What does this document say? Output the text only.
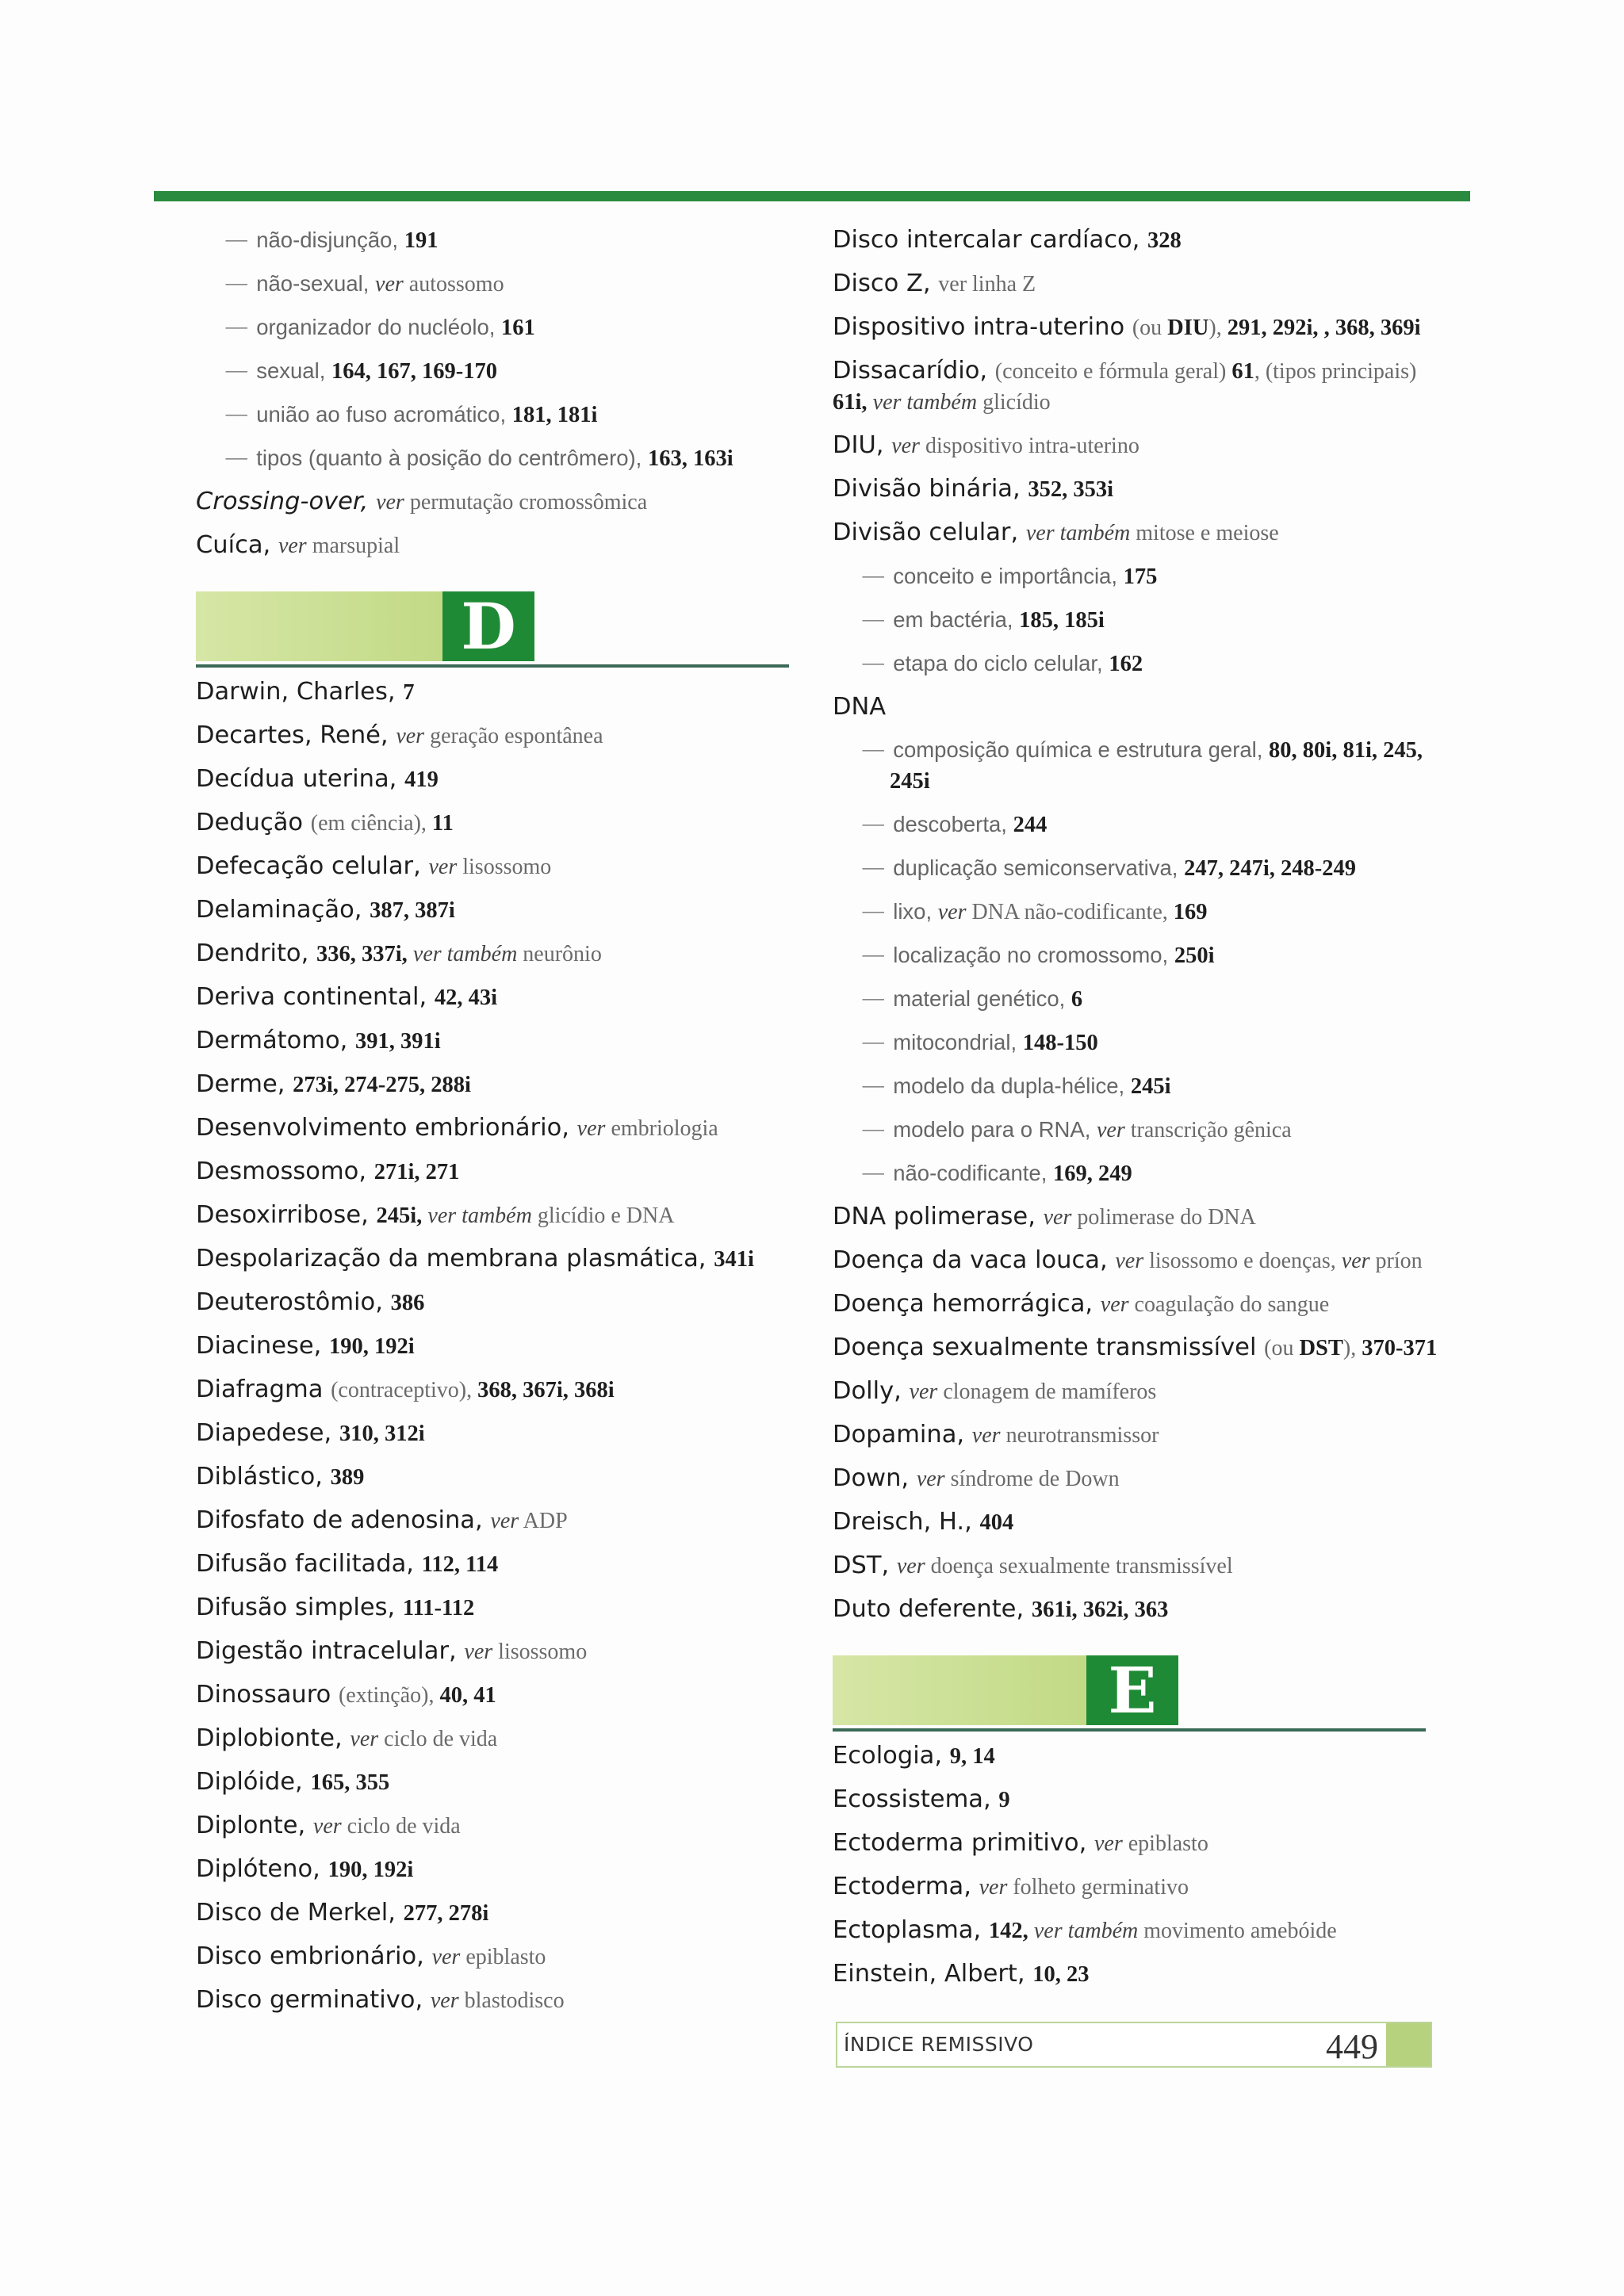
— não-disjunção, 191
— não-sexual, ver autossomo
— organizador do nucléolo, 161
— sexual, 164, 167, 169-170
— união ao fuso acromático, 181, 181i
— tipos (quanto à posição do centrômero), 163, 163i
Crossing-over, ver permutação cromossômica
Cuíca, ver marsupial
D
Darwin, Charles, 7
Decartes, René, ver geração espontânea
Decídua uterina, 419
Dedução (em ciência), 11
Defecação celular, ver lisossomo
Delaminação, 387, 387i
Dendrito, 336, 337i, ver também neurônio
Deriva continental, 42, 43i
Dermátomo, 391, 391i
Derme, 273i, 274-275, 288i
Desenvolvimento embrionário, ver embriologia
Desmossomo, 271i, 271
Desoxirribose, 245i, ver também glicídio e DNA
Despolarização da membrana plasmática, 341i
Deuterostômio, 386
Diacinese, 190, 192i
Diafragma (contraceptivo), 368, 367i, 368i
Diapedese, 310, 312i
Diblástico, 389
Difosfato de adenosina, ver ADP
Difusão facilitada, 112, 114
Difusão simples, 111-112
Digestão intracelular, ver lisossomo
Dinossauro (extinção), 40, 41
Diplobionte, ver ciclo de vida
Diplóide, 165, 355
Diplonte, ver ciclo de vida
Diplóteno, 190, 192i
Disco de Merkel, 277, 278i
Disco embrionário, ver epiblasto
Disco germinativo, ver blastodisco
Disco intercalar cardíaco, 328
Disco Z, ver linha Z
Dispositivo intra-uterino (ou DIU), 291, 292i, , 368, 369i
Dissacarídio, (conceito e fórmula geral) 61, (tipos principais) 61i, ver também glicídio
DIU, ver dispositivo intra-uterino
Divisão binária, 352, 353i
Divisão celular, ver também mitose e meiose
— conceito e importância, 175
— em bactéria, 185, 185i
— etapa do ciclo celular, 162
DNA
— composição química e estrutura geral, 80, 80i, 81i, 245, 245i
— descoberta, 244
— duplicação semiconservativa, 247, 247i, 248-249
— lixo, ver DNA não-codificante, 169
— localização no cromossomo, 250i
— material genético, 6
— mitocondrial, 148-150
— modelo da dupla-hélice, 245i
— modelo para o RNA, ver transcrição gênica
— não-codificante, 169, 249
DNA polimerase, ver polimerase do DNA
Doença da vaca louca, ver lisossomo e doenças, ver príon
Doença hemorrágica, ver coagulação do sangue
Doença sexualmente transmissível (ou DST), 370-371
Dolly, ver clonagem de mamíferos
Dopamina, ver neurotransmissor
Down, ver síndrome de Down
Dreisch, H., 404
DST, ver doença sexualmente transmissível
Duto deferente, 361i, 362i, 363
E
Ecologia, 9, 14
Ecossistema, 9
Ectoderma primitivo, ver epiblasto
Ectoderma, ver folheto germinativo
Ectoplasma, 142, ver também movimento amebóide
Einstein, Albert, 10, 23
ÍNDICE REMISSIVO	449
